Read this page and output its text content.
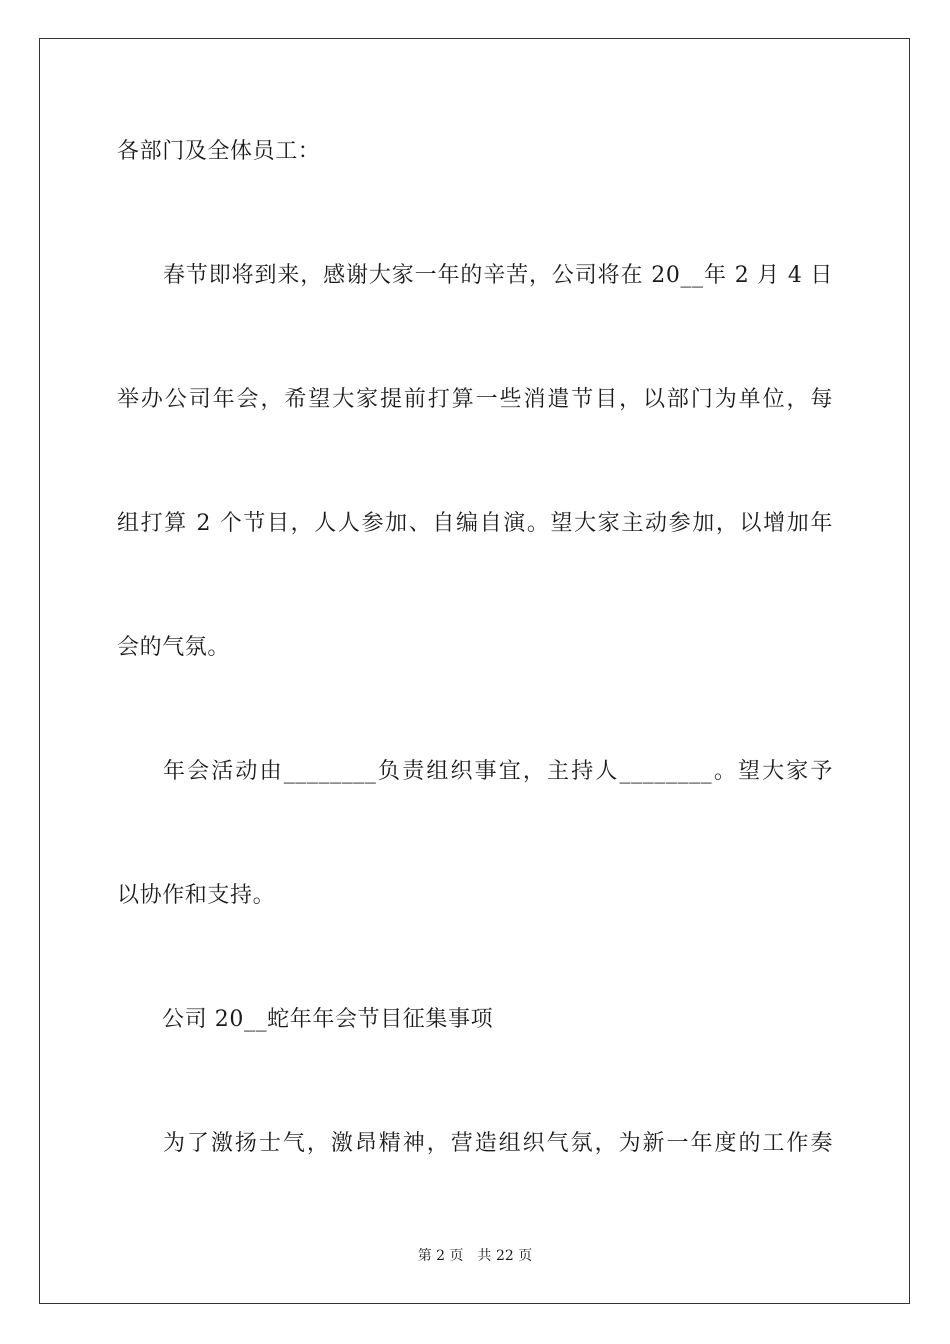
各部门及全体员工：
春节即将到来，感谢大家一年的辛苦，公司将在 20__年 2 月 4 日
举办公司年会，希望大家提前打算一些消遣节目，以部门为单位，每
组打算 2 个节目，人人参加、自编自演。望大家主动参加，以增加年
会的气氛。
年会活动由________负责组织事宜，主持人________。望大家予
以协作和支持。
公司 20__蛇年年会节目征集事项
为了激扬士气，激昂精神，营造组织气氛，为新一年度的工作奏
第 2 页 共 22 页
